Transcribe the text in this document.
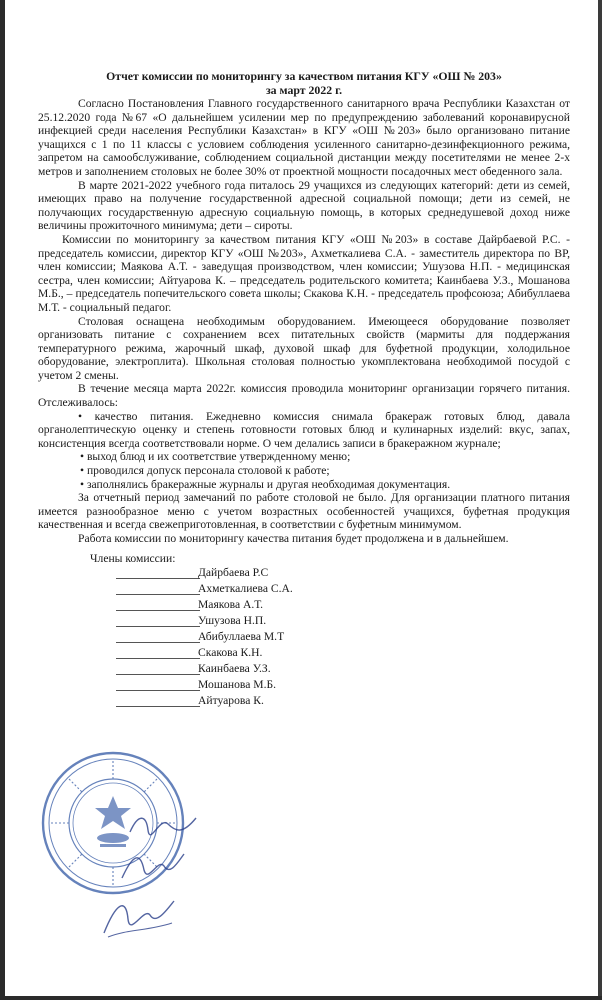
Отчет комиссии по мониторингу за качеством питания КГУ «ОШ № 203»

за март 2022 г.

Согласно Постановления Главного государственного санитарного врача Республики Казахстан от 25.12.2020 года №67 «О дальнейшем усилении мер по предупреждению заболеваний коронавирусной инфекцией среди населения Республики Казахстан» в КГУ «ОШ №203» было организовано питание учащихся с 1 по 11 классы с условием соблюдения усиленного санитарно-дезинфекционного режима, запретом на самообслуживание, соблюдением социальной дистанции между посетителями не менее 2-х метров и заполнением столовых не более 30% от проектной мощности посадочных мест обеденного зала.

В марте 2021-2022 учебного года питалось 29 учащихся из следующих категорий: дети из семей, имеющих право на получение государственной адресной социальной помощи; дети из семей, не получающих государственную адресную социальную помощь, в которых среднедушевой доход ниже величины прожиточного минимума; дети – сироты.

Комиссии по мониторингу за качеством питания КГУ «ОШ №203» в составе Дайрбаевой Р.С. - председатель комиссии, директор КГУ «ОШ №203», Ахметкалиева С.А. - заместитель директора по ВР, член комиссии; Маякова А.Т. - заведущая производством, член комиссии; Ушузова Н.П. - медицинская сестра, член комиссии; Айтуарова К. – председатель родительского комитета; Каинбаева У.З., Мошанова М.Б., – председатель попечительского совета школы; Скакова К.Н. - председатель профсоюза; Абибуллаева М.Т. - социальный педагог.

Столовая оснащена необходимым оборудованием. Имеющееся оборудование позволяет организовать питание с сохранением всех питательных свойств (мармиты для поддержания температурного режима, жарочный шкаф, духовой шкаф для буфетной продукции, холодильное оборудование, электроплита). Школьная столовая полностью укомплектована необходимой посудой с учетом 2 смены.

В течение месяца марта 2022г. комиссия проводила мониторинг организации горячего питания. Отслеживалось:

• качество питания. Ежедневно комиссия снимала бракераж готовых блюд, давала органолептическую оценку и степень готовности готовых блюд и кулинарных изделий: вкус, запах, консистенция всегда соответствовали норме. О чем делались записи в бракеражном журнале;

• выход блюд и их соответствие утвержденному меню;

• проводился допуск персонала столовой к работе;

• заполнялись бракеражные журналы и другая необходимая документация.

За отчетный период замечаний по работе столовой не было. Для организации платного питания имеется разнообразное меню с учетом возрастных особенностей учащихся, буфетная продукция качественная и всегда свежеприготовленная, в соответствии с буфетным минимумом.

Работа комиссии по мониторингу качества питания будет продолжена и в дальнейшем.

Члены комиссии:
Дайрбаева Р.С
Ахметкалиева С.А.
Маякова А.Т.
Ушузова Н.П.
Абибуллаева М.Т
Скакова К.Н.
Каинбаева У.З.
Мошанова М.Б.
Айтуарова К.
